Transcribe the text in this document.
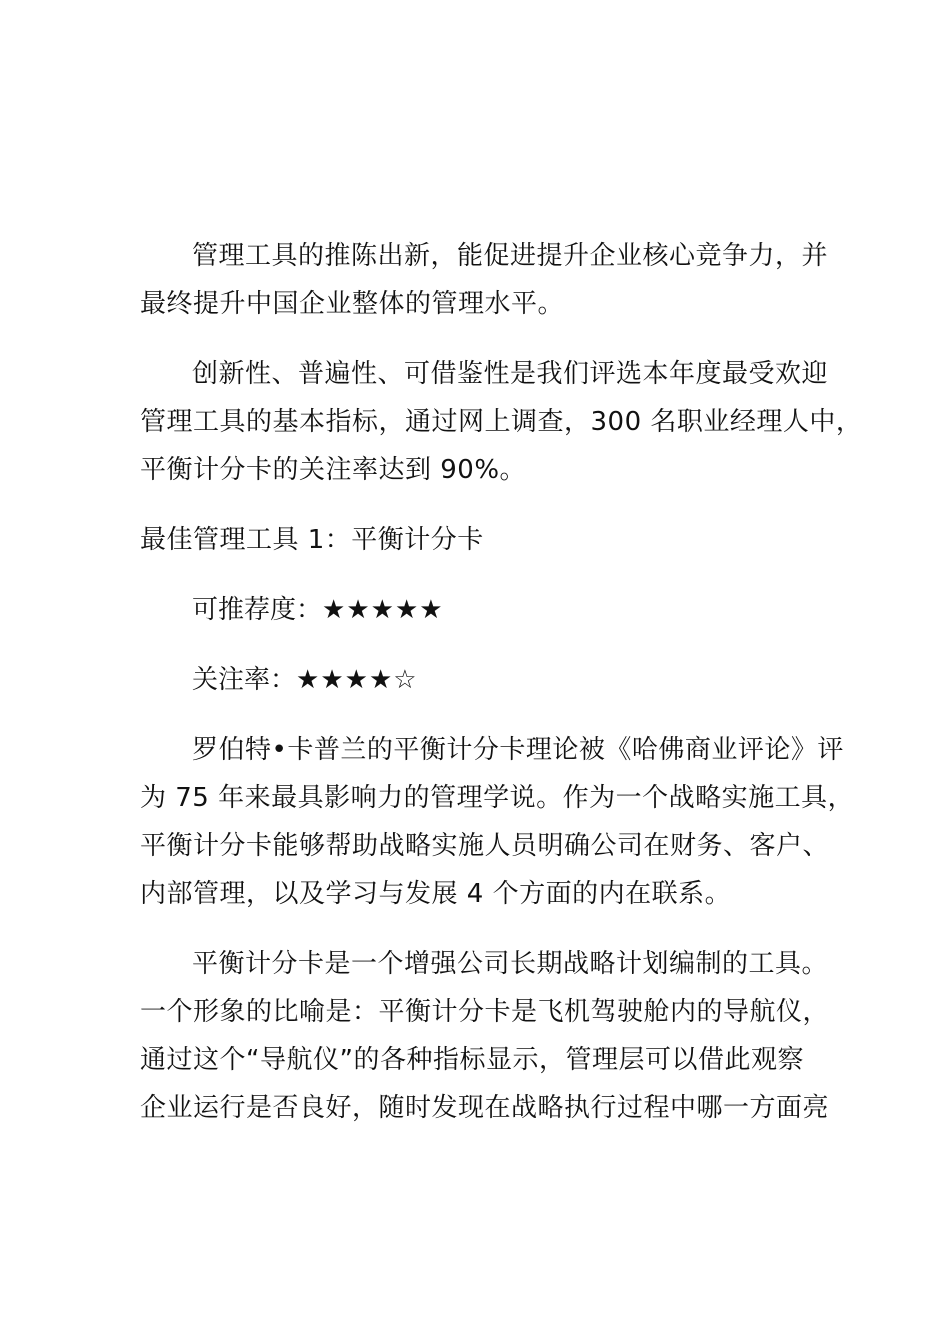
管理工具的推陈出新，能促进提升企业核心竞争力，并
最终提升中国企业整体的管理水平。

创新性、普遍性、可借鉴性是我们评选本年度最受欢迎
管理工具的基本指标，通过网上调查，300 名职业经理人中，
平衡计分卡的关注率达到 90%。

最佳管理工具 1：平衡计分卡

可推荐度：★★★★★

关注率：★★★★☆

罗伯特•卡普兰的平衡计分卡理论被《哈佛商业评论》评
为 75 年来最具影响力的管理学说。作为一个战略实施工具，
平衡计分卡能够帮助战略实施人员明确公司在财务、客户、
内部管理，以及学习与发展 4 个方面的内在联系。

平衡计分卡是一个增强公司长期战略计划编制的工具。
一个形象的比喻是：平衡计分卡是飞机驾驶舱内的导航仪，
通过这个“导航仪”的各种指标显示，管理层可以借此观察
企业运行是否良好，随时发现在战略执行过程中哪一方面亮
